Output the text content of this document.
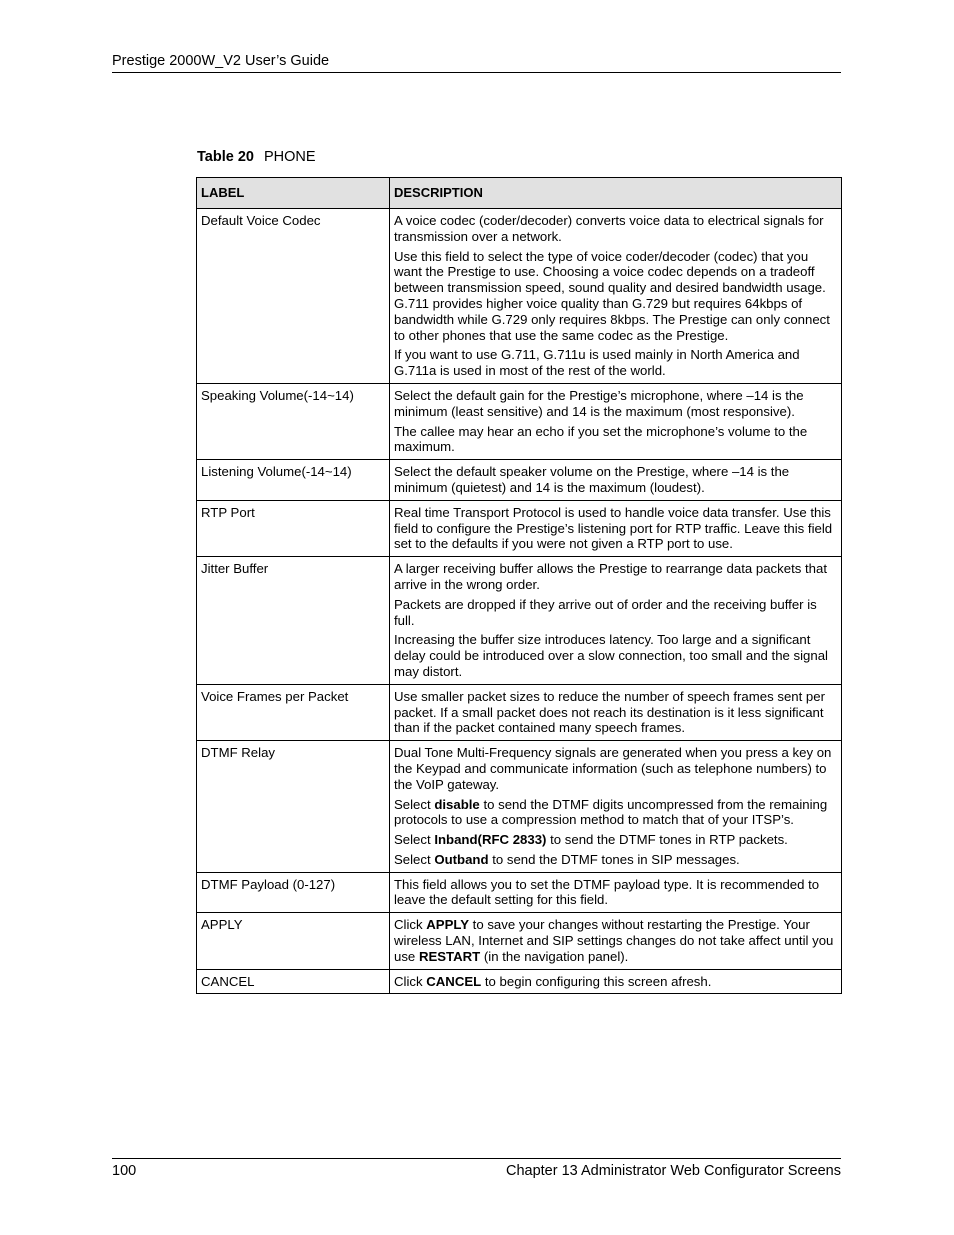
Prestige 2000W_V2 User’s Guide
Table 20 PHONE
LABEL	DESCRIPTION
Default Voice Codec	A voice codec (coder/decoder) converts voice data to electrical signals for transmission over a network.

Use this field to select the type of voice coder/decoder (codec) that you want the Prestige to use. Choosing a voice codec depends on a tradeoff between transmission speed, sound quality and desired bandwidth usage. G.711 provides higher voice quality than G.729 but requires 64kbps of bandwidth while G.729 only requires 8kbps. The Prestige can only connect to other phones that use the same codec as the Prestige.

If you want to use G.711, G.711u is used mainly in North America and G.711a is used in most of the rest of the world.

Speaking Volume(-14~14)	Select the default gain for the Prestige’s microphone, where –14 is the minimum (least sensitive) and 14 is the maximum (most responsive).

The callee may hear an echo if you set the microphone’s volume to the maximum.

Listening Volume(-14~14)	Select the default speaker volume on the Prestige, where –14 is the minimum (quietest) and 14 is the maximum (loudest).

RTP Port	Real time Transport Protocol is used to handle voice data transfer. Use this field to configure the Prestige’s listening port for RTP traffic. Leave this field set to the defaults if you were not given a RTP port to use.

Jitter Buffer	A larger receiving buffer allows the Prestige to rearrange data packets that arrive in the wrong order.

Packets are dropped if they arrive out of order and the receiving buffer is full.

Increasing the buffer size introduces latency. Too large and a significant delay could be introduced over a slow connection, too small and the signal may distort.

Voice Frames per Packet	Use smaller packet sizes to reduce the number of speech frames sent per packet. If a small packet does not reach its destination is it less significant than if the packet contained many speech frames.

DTMF Relay	Dual Tone Multi-Frequency signals are generated when you press a key on the Keypad and communicate information (such as telephone numbers) to the VoIP gateway.

Select disable to send the DTMF digits uncompressed from the remaining protocols to use a compression method to match that of your ITSP’s.

Select Inband(RFC 2833) to send the DTMF tones in RTP packets.

Select Outband to send the DTMF tones in SIP messages.

DTMF Payload (0-127)	This field allows you to set the DTMF payload type. It is recommended to leave the default setting for this field.

APPLY	Click APPLY to save your changes without restarting the Prestige. Your wireless LAN, Internet and SIP settings changes do not take affect until you use RESTART (in the navigation panel).

CANCEL	Click CANCEL to begin configuring this screen afresh.

100	Chapter 13 Administrator Web Configurator Screens
